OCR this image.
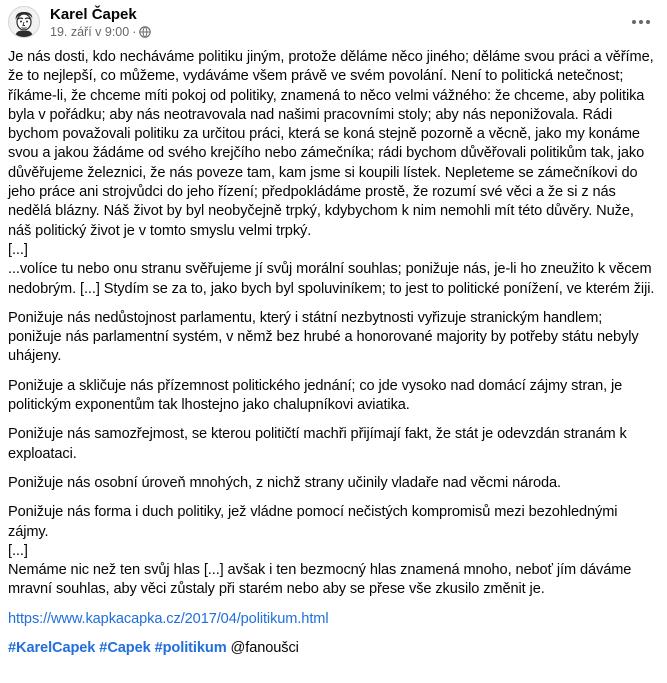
Karel Čapek
19. září v 9:00 ·

Je nás dosti, kdo necháváme politiku jiným, protože děláme něco jiného; děláme svou práci a věříme, že to nejlepší, co můžeme, vydáváme všem právě ve svém povolání. Není to politická netečnost; říkáme-li, že chceme míti pokoj od politiky, znamená to něco velmi vážného: že chceme, aby politika byla v pořádku; aby nás neotravovala nad našimi pracovními stoly; aby nás neponižovala. Rádi bychom považovali politiku za určitou práci, která se koná stejně pozorně a věcně, jako my konáme svou a jakou žádáme od svého krejčího nebo zámečníka; rádi bychom důvěřovali politikům tak, jako důvěřujeme železnici, že nás poveze tam, kam jsme si koupili lístek. Nepleteme se zámečníkovi do jeho práce ani strojvůdci do jeho řízení; předpokládáme prostě, že rozumí své věci a že si z nás nedělá blázny. Náš život by byl neobyčejně trpký, kdybychom k nim nemohli mít této důvěry. Nuže, náš politický život je v tomto smyslu velmi trpký.

[...]

...volíce tu nebo onu stranu svěřujeme jí svůj morální souhlas; ponižuje nás, je-li ho zneužito k věcem nedobrým. [...] Stydím se za to, jako bych byl spoluviníkem; to jest to politické ponížení, ve kterém žiji.

Ponižuje nás nedůstojnost parlamentu, který i státní nezbytnosti vyřizuje stranickým handlem; ponižuje nás parlamentní systém, v němž bez hrubé a honorované majority by potřeby státu nebyly uhájeny.

Ponižuje a skličuje nás přízemnost politického jednání; co jde vysoko nad domácí zájmy stran, je politickým exponentům tak lhostejno jako chalupníkovi aviatika.

Ponižuje nás samozřejmost, se kterou političtí machři přijímají fakt, že stát je odevzdán stranám k exploataci.

Ponižuje nás osobní úroveň mnohých, z nichž strany učinily vladaře nad věcmi národa.

Ponižuje nás forma i duch politiky, jež vládne pomocí nečistých kompromisů mezi bezohlednými zájmy.

[...]

Nemáme nic než ten svůj hlas [...] avšak i ten bezmocný hlas znamená mnoho, neboť jím dáváme mravní souhlas, aby věci zůstaly při starém nebo aby se přese vše zkusilo změnit je.

https://www.kapkacapka.cz/2017/04/politikum.html

#KarelCapek #Capek #politikum @fanoušci
